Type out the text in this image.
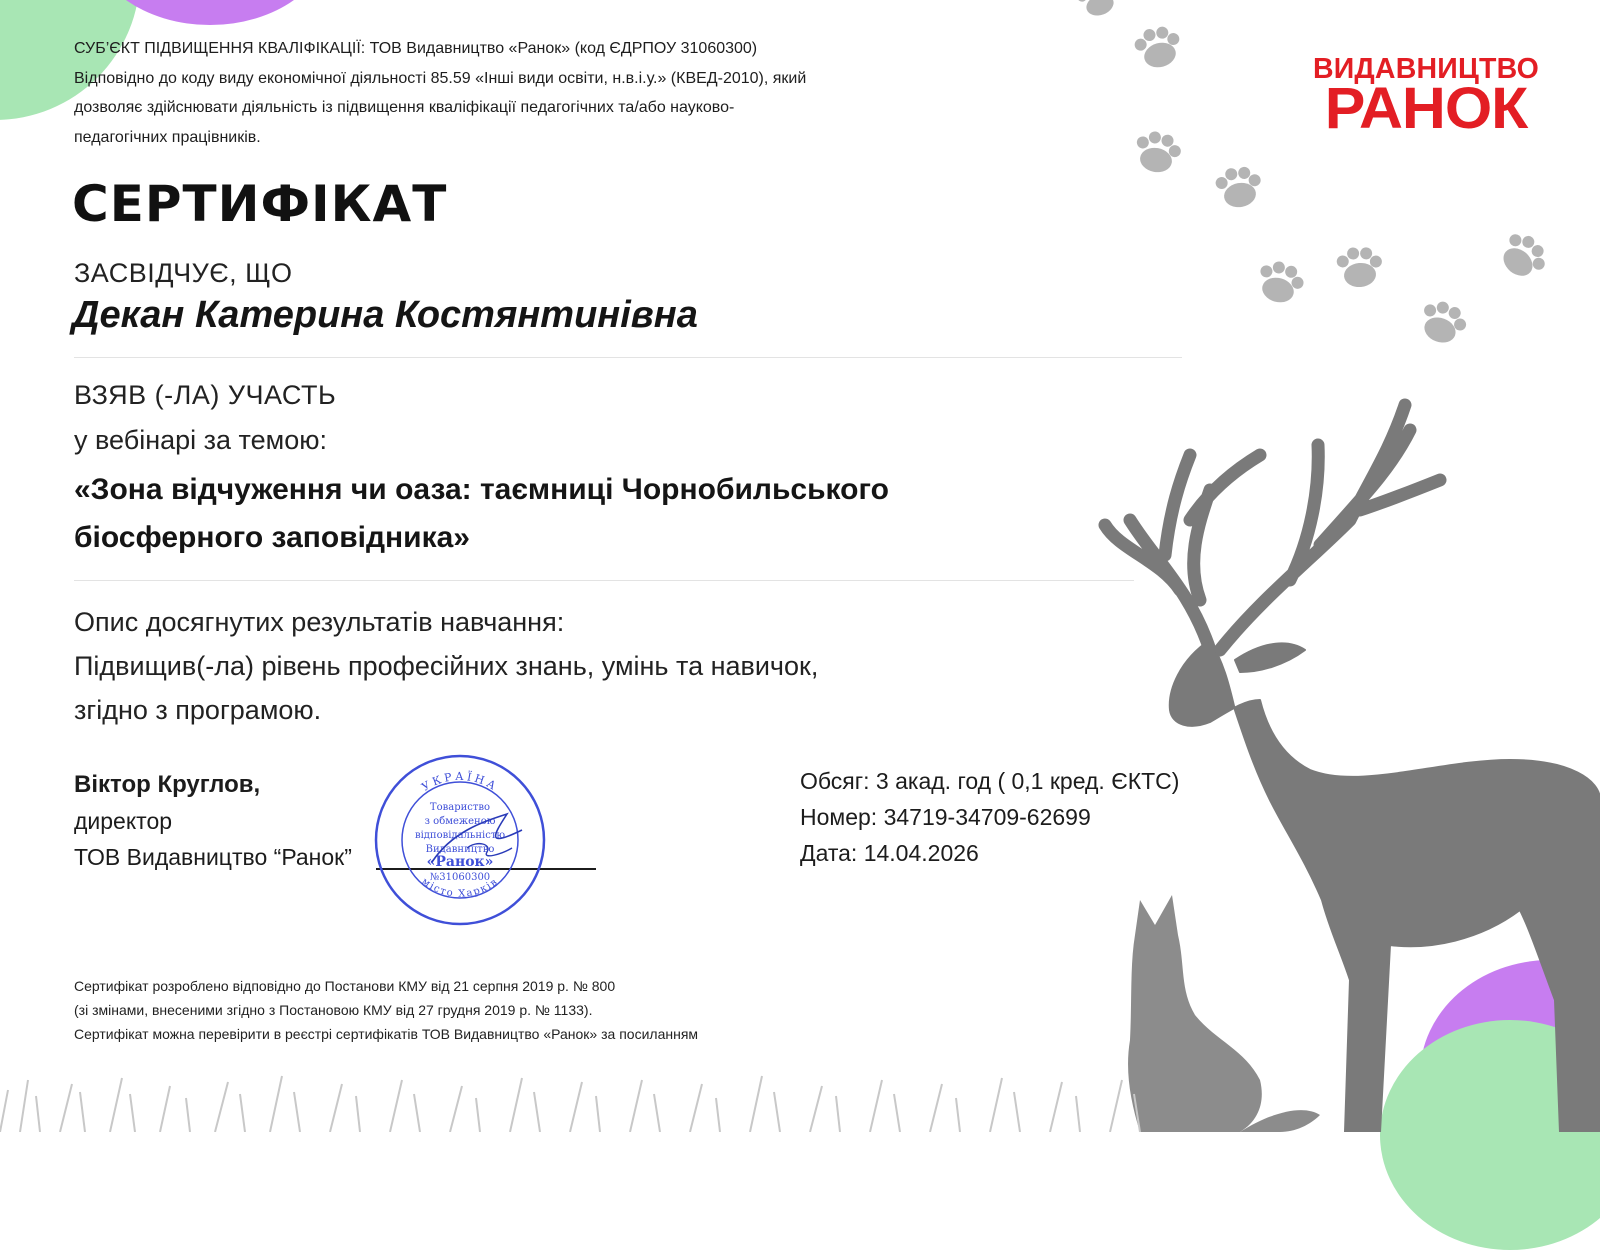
СУБ’ЄКТ ПІДВИЩЕННЯ КВАЛІФІКАЦІЇ: ТОВ Видавництво «Ранок» (код ЄДРПОУ 31060300)
Відповідно до коду виду економічної діяльності 85.59 «Інші види освіти, н.в.і.у.» (КВЕД-2010), який
дозволяє здійснювати діяльність із підвищення кваліфікації педагогічних та/або науково-
педагогічних працівників.
ВИДАВНИЦТВО
РАНОК
СЕРТИФІКАТ
ЗАСВІДЧУЄ, ЩО
Декан Катерина Костянтинівна
ВЗЯВ (-ЛА) УЧАСТЬ
у вебінарі за темою:
«Зона відчуження чи оаза: таємниці Чорнобильського
біосферного заповідника»
Опис досягнутих результатів навчання:
Підвищив(-ла) рівень професійних знань, умінь та навичок,
згідно з програмою.
Віктор Круглов,
директор
ТОВ Видавництво “Ранок”
УКРАЇНА
місто Харків
Товариство
з обмеженою
відповідальністю
Видавництво
«Ранок»
№31060300
Обсяг: 3 акад. год ( 0,1 кред. ЄКТС)
Номер: 34719-34709-62699
Дата: 14.04.2026
Сертифікат розроблено відповідно до Постанови КМУ від 21 серпня 2019 р. № 800
(зі змінами, внесеними згідно з Постановою КМУ від 27 грудня 2019 р. № 1133).
Сертифікат можна перевірити в реєстрі сертифікатів ТОВ Видавництво «Ранок» за посиланням
